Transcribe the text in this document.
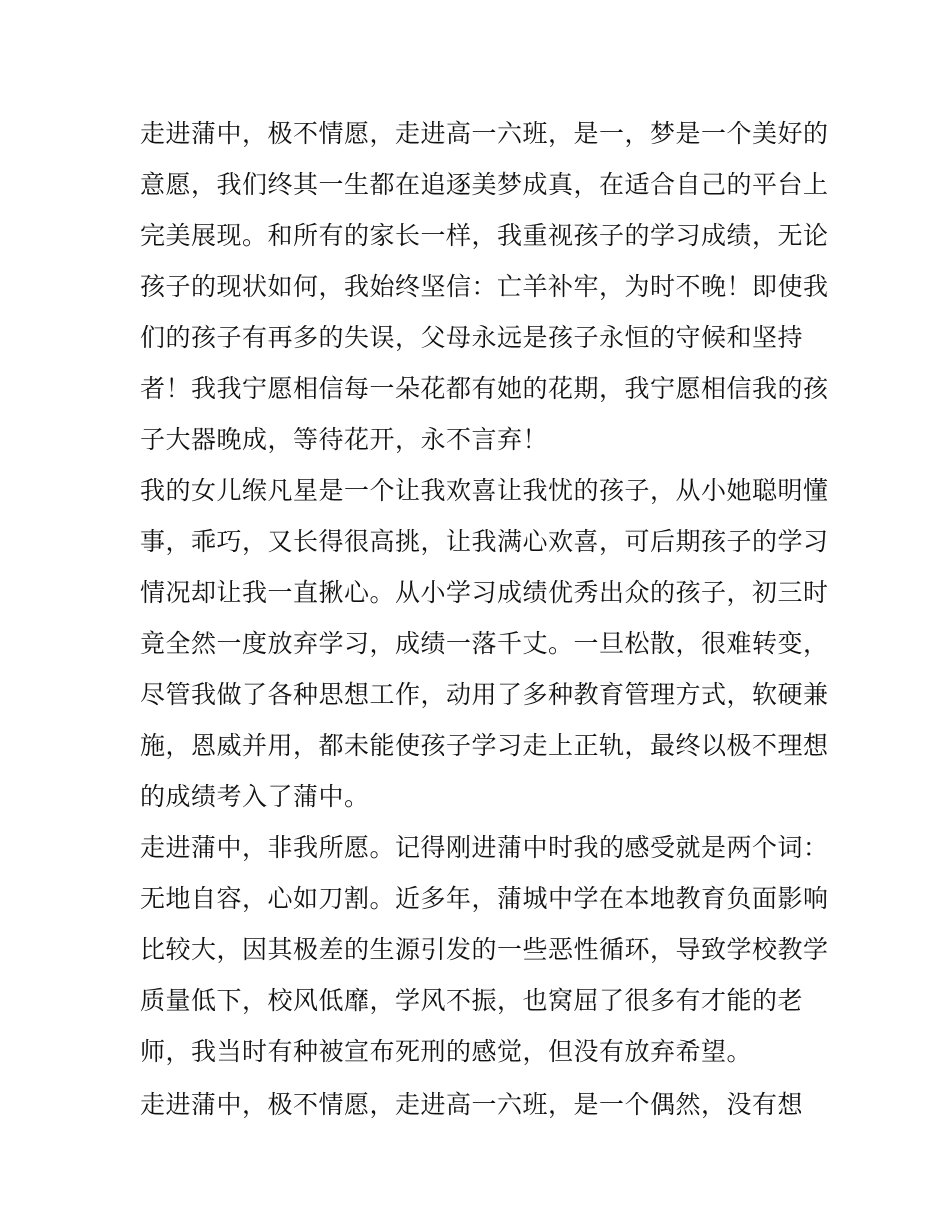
走进蒲中，极不情愿，走进高一六班，是一，梦是一个美好的
意愿，我们终其一生都在追逐美梦成真，在适合自己的平台上
完美展现。和所有的家长一样，我重视孩子的学习成绩，无论
孩子的现状如何，我始终坚信：亡羊补牢，为时不晚！即使我
们的孩子有再多的失误，父母永远是孩子永恒的守候和坚持
者！我我宁愿相信每一朵花都有她的花期，我宁愿相信我的孩
子大器晚成，等待花开，永不言弃！
我的女儿缑凡星是一个让我欢喜让我忧的孩子，从小她聪明懂
事，乖巧，又长得很高挑，让我满心欢喜，可后期孩子的学习
情况却让我一直揪心。从小学习成绩优秀出众的孩子，初三时
竟全然一度放弃学习，成绩一落千丈。一旦松散，很难转变，
尽管我做了各种思想工作，动用了多种教育管理方式，软硬兼
施，恩威并用，都未能使孩子学习走上正轨，最终以极不理想
的成绩考入了蒲中。
走进蒲中，非我所愿。记得刚进蒲中时我的感受就是两个词：
无地自容，心如刀割。近多年，蒲城中学在本地教育负面影响
比较大，因其极差的生源引发的一些恶性循环，导致学校教学
质量低下，校风低靡，学风不振，也窝屈了很多有才能的老
师，我当时有种被宣布死刑的感觉，但没有放弃希望。
走进蒲中，极不情愿，走进高一六班，是一个偶然，没有想
